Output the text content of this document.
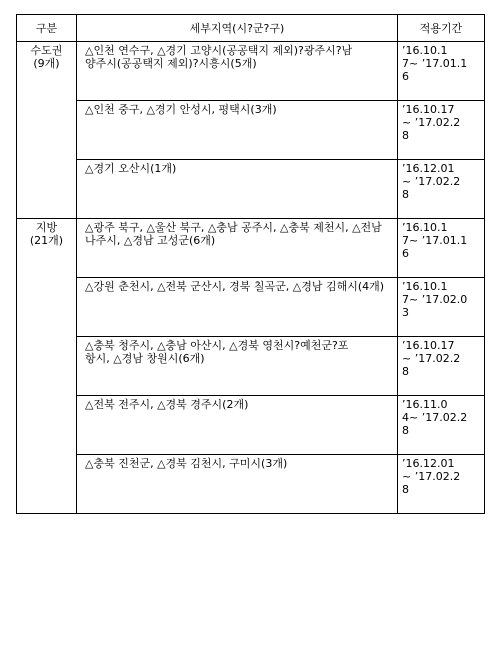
구분	세부지역(시?군?구)	적용기간

수도권
(9개)	△인천 연수구, △경기 고양시(공공택지 제외)?광주시?남
양주시(공공택지 제외)?시흥시(5개)	’16.10.1
7~ ’17.01.1
6

	△인천 중구, △경기 안성시, 평택시(3개)	’16.10.17
~ ’17.02.2
8

	△경기 오산시(1개)	’16.12.01
~ ’17.02.2
8

지방
(21개)	△광주 북구, △울산 북구, △충남 공주시, △충북 제천시, △전남 나주시, △경남 고성군(6개)	’16.10.1
7~ ’17.01.1
6

	△강원 춘천시, △전북 군산시, 경북 칠곡군, △경남 김해시(4개)	’16.10.1
7~ ’17.02.0
3

	△충북 청주시, △충남 아산시, △경북 영천시?예천군?포
항시, △경남 창원시(6개)	’16.10.17
~ ’17.02.2
8

	△전북 전주시, △경북 경주시(2개)	’16.11.0
4~ ’17.02.2
8

	△충북 진천군, △경북 김천시, 구미시(3개)	’16.12.01
~ ’17.02.2
8
